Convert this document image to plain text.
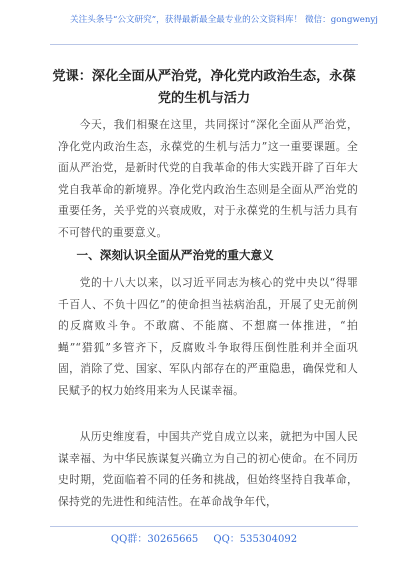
关注头条号“公文研究”，获得最新最全最专业的公文资料库！ 微信：gongwenyj
党课：深化全面从严治党，净化党内政治生态，永葆党的生机与活力

今天，我们相聚在这里，共同探讨“深化全面从严治党，净化党内政治生态，永葆党的生机与活力”这一重要课题。全面从严治党，是新时代党的自我革命的伟大实践开辟了百年大党自我革命的新境界。净化党内政治生态则是全面从严治党的重要任务，关乎党的兴衰成败，对于永葆党的生机与活力具有不可替代的重要意义。

一、深刻认识全面从严治党的重大意义

党的十八大以来，以习近平同志为核心的党中央以“得罪千百人、不负十四亿”的使命担当祛病治乱，开展了史无前例的反腐败斗争。不敢腐、不能腐、不想腐一体推进，“拍蝇”“猎狐”多管齐下，反腐败斗争取得压倒性胜利并全面巩固，消除了党、国家、军队内部存在的严重隐患，确保党和人民赋予的权力始终用来为人民谋幸福。

从历史维度看，中国共产党自成立以来，就把为中国人民谋幸福、为中华民族谋复兴确立为自己的初心使命。在不同历史时期，党面临着不同的任务和挑战，但始终坚持自我革命，保持党的先进性和纯洁性。在革命战争年代，

QQ群：30265665 QQ：535304092
